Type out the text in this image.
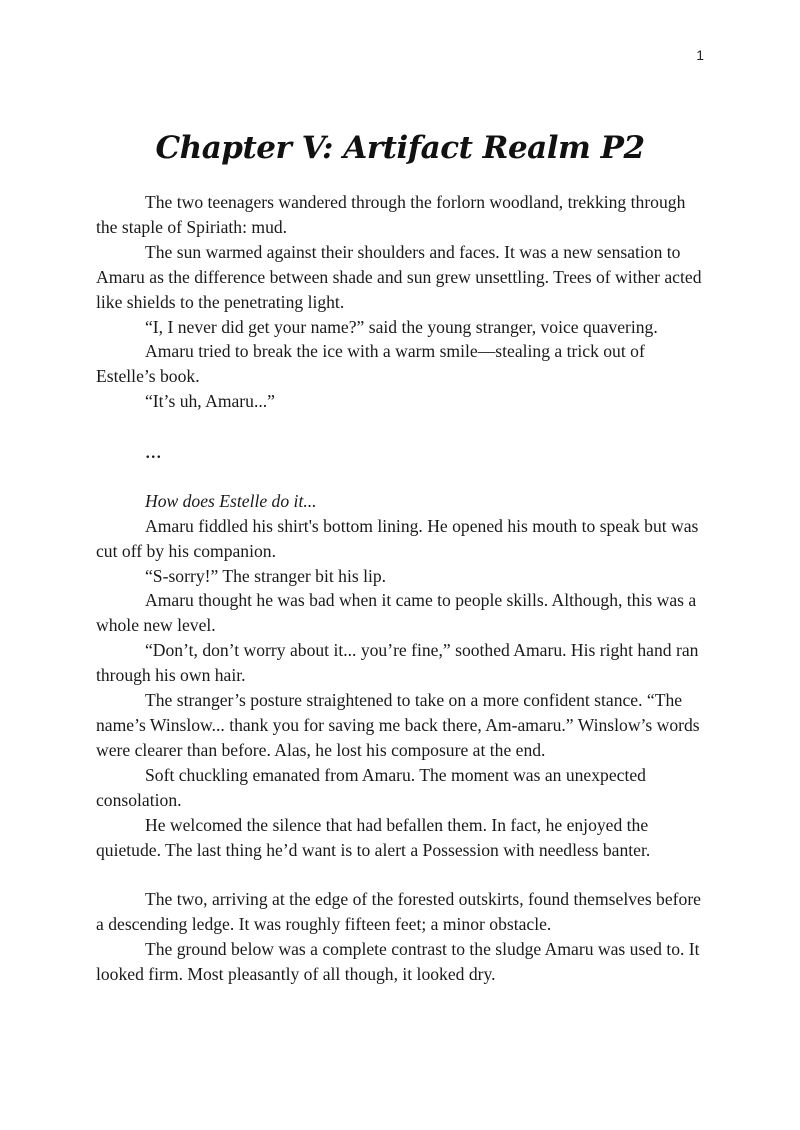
1
Chapter V: Artifact Realm P2

The two teenagers wandered through the forlorn woodland, trekking through the staple of Spiriath: mud.

The sun warmed against their shoulders and faces. It was a new sensation to Amaru as the difference between shade and sun grew unsettling. Trees of wither acted like shields to the penetrating light.

“I, I never did get your name?” said the young stranger, voice quavering.

Amaru tried to break the ice with a warm smile—stealing a trick out of Estelle’s book.

“It’s uh, Amaru...”

...

How does Estelle do it...

Amaru fiddled his shirt's bottom lining. He opened his mouth to speak but was cut off by his companion.

“S-sorry!” The stranger bit his lip.

Amaru thought he was bad when it came to people skills. Although, this was a whole new level.

“Don’t, don’t worry about it... you’re fine,” soothed Amaru. His right hand ran through his own hair.

The stranger’s posture straightened to take on a more confident stance. “The name’s Winslow... thank you for saving me back there, Am-amaru.” Winslow’s words were clearer than before. Alas, he lost his composure at the end.

Soft chuckling emanated from Amaru. The moment was an unexpected consolation.

He welcomed the silence that had befallen them. In fact, he enjoyed the quietude. The last thing he’d want is to alert a Possession with needless banter.

The two, arriving at the edge of the forested outskirts, found themselves before a descending ledge. It was roughly fifteen feet; a minor obstacle.

The ground below was a complete contrast to the sludge Amaru was used to. It looked firm. Most pleasantly of all though, it looked dry.
